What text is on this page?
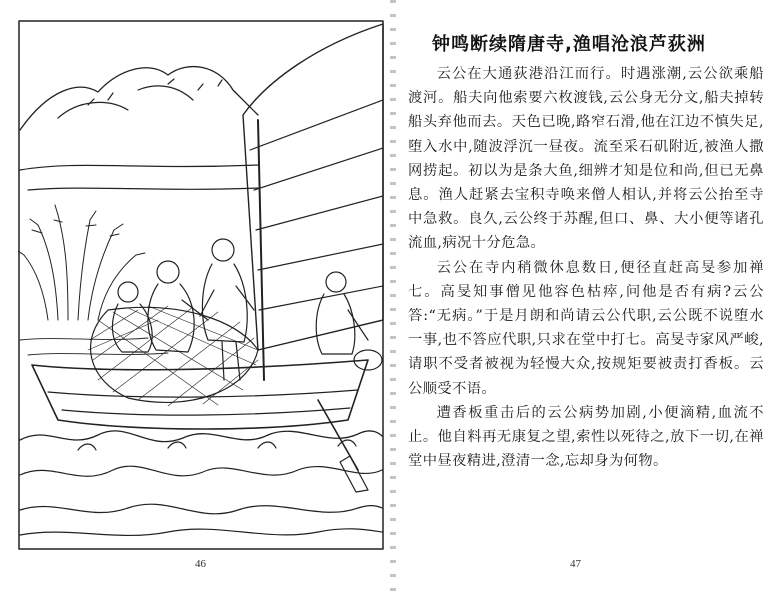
46
钟鸣断续隋唐寺,渔唱沧浪芦荻洲

云公在大通荻港沿江而行。时遇涨潮,云公欲乘船渡河。船夫向他索要六枚渡钱,云公身无分文,船夫掉转船头弃他而去。天色已晚,路窄石滑,他在江边不慎失足,堕入水中,随波浮沉一昼夜。流至采石矶附近,被渔人撒网捞起。初以为是条大鱼,细辨才知是位和尚,但已无鼻息。渔人赶紧去宝积寺唤来僧人相认,并将云公抬至寺中急救。良久,云公终于苏醒,但口、鼻、大小便等诸孔流血,病况十分危急。

云公在寺内稍微休息数日,便径直赶高旻参加禅七。高旻知事僧见他容色枯瘁,问他是否有病?云公答:“无病。”于是月朗和尚请云公代职,云公既不说堕水一事,也不答应代职,只求在堂中打七。高旻寺家风严峻,请职不受者被视为轻慢大众,按规矩要被责打香板。云公顺受不语。

遭香板重击后的云公病势加剧,小便滴精,血流不止。他自料再无康复之望,索性以死待之,放下一切,在禅堂中昼夜精进,澄清一念,忘却身为何物。

47
